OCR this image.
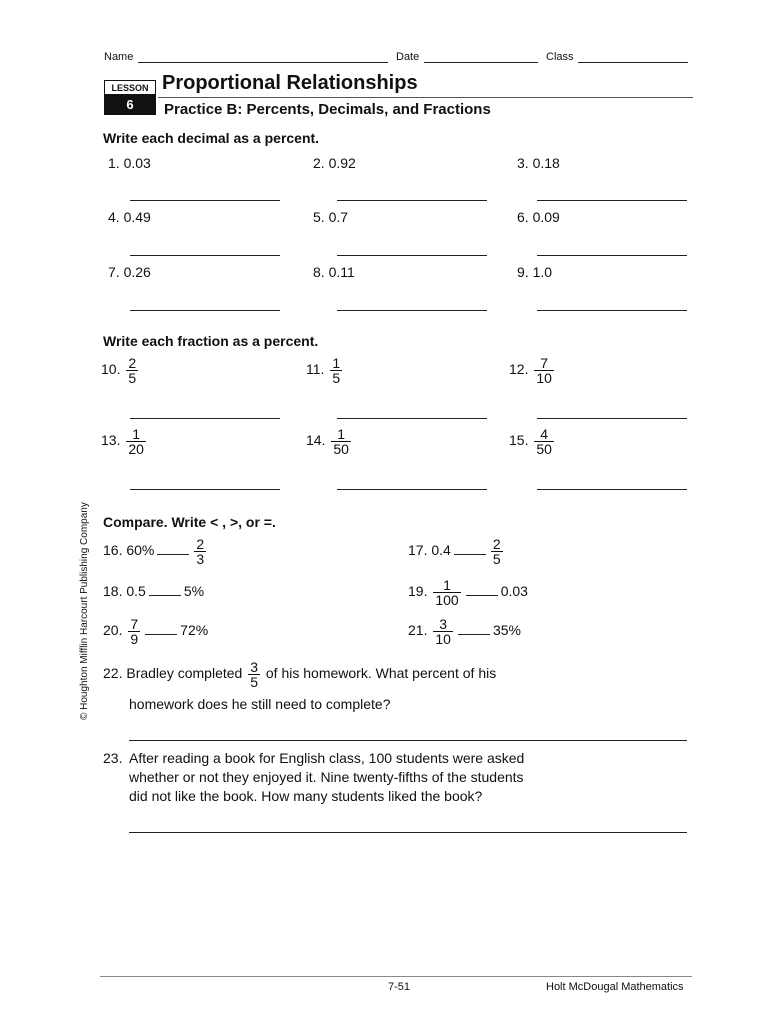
Name	Date	Class
LESSON
6
Proportional Relationships
Practice B: Percents, Decimals, and Fractions
Write each decimal as a percent.
1. 0.03	2. 0.92	3. 0.18
4. 0.49	5. 0.7	6. 0.09
7. 0.26	8. 0.11	9. 1.0
Write each fraction as a percent.
10. $\frac{2}{5}$	11. $\frac{1}{5}$	12. $\frac{7}{10}$
13. $\frac{1}{20}$	14. $\frac{1}{50}$	15. $\frac{4}{50}$
Compare. Write < , >, or =.
16. 60%	$\frac{2}{3}$	17. 0.4	$\frac{2}{5}$
18. 0.5	5%	19. $\frac{1}{100}$	0.03
20. $\frac{7}{9}$	72%	21. $\frac{3}{10}$	35%
22. Bradley completed $\frac{3}{5}$ of his homework. What percent of his
homework does he still need to complete?
23. After reading a book for English class, 100 students were asked
whether or not they enjoyed it. Nine twenty-fifths of the students
did not like the book. How many students liked the book?
© Houghton Mifflin Harcourt Publishing Company
7-51	Holt McDougal Mathematics
